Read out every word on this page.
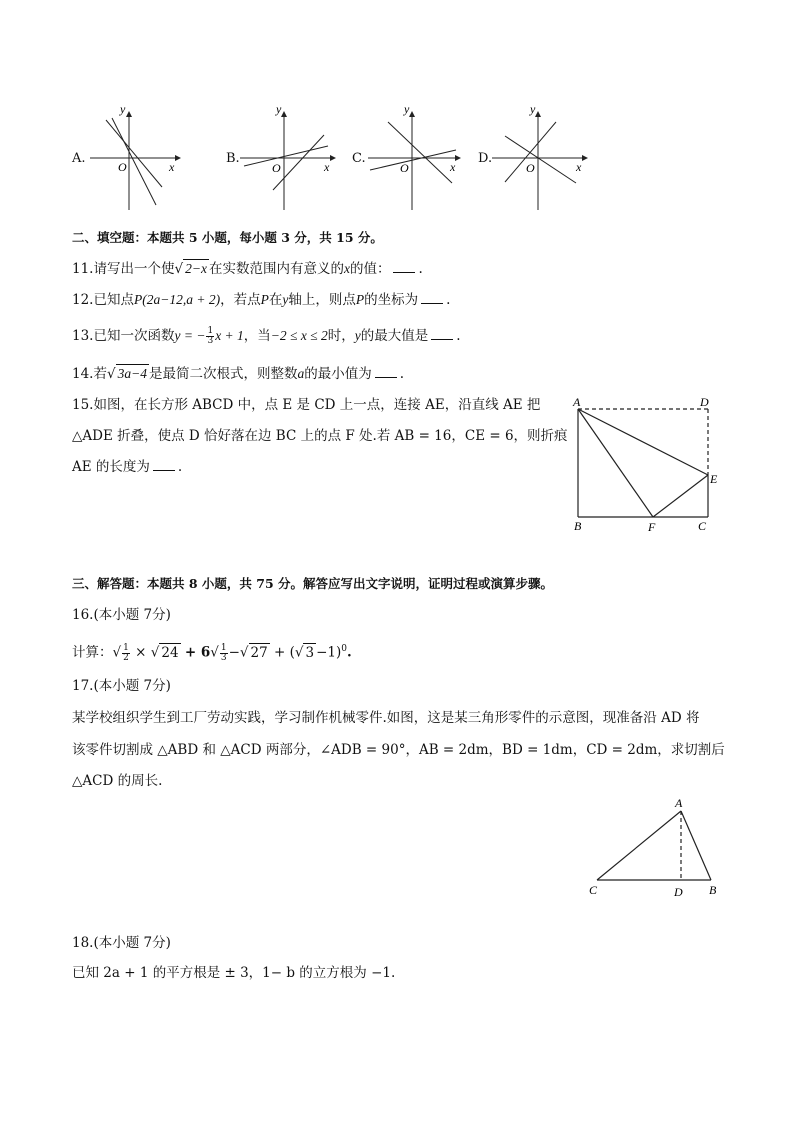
A.	B.	C.	D.
O	x
y
O	x
y
O	x
y
O	x
y
二、填空题：本题共 5 小题，每小题 3 分，共 15 分。
11.请写出一个使√ 2−x 在实数范围内有意义的x的值： .
12.已知点P(2a−12,a + 2)，若点P在y轴上，则点P的坐标为 .
13.已知一次函数y = − $\frac{1}{3}$ x + 1，当−2 ≤ x ≤ 2时，y的最大值是 .
14.若√ 3a−4 是最简二次根式，则整数a的最小值为 .
15.如图，在长方形 ABCD 中，点 E 是 CD 上一点，连接 AE，沿直线 AE 把
△ADE 折叠，使点 D 恰好落在边 BC 上的点 F 处.若 AB = 16，CE = 6，则折痕
AE 的长度为 .
A	D
E
B	F	C
三、解答题：本题共 8 小题，共 75 分。解答应写出文字说明，证明过程或演算步骤。
16.(本小题 7分)
计算：√ $\frac{1}{2}$ × √ $24 + 6√ \frac{1}{3}$ −√ 27 + (√ 3 −1)$^0$.
17.(本小题 7分)
某学校组织学生到工厂劳动实践，学习制作机械零件.如图，这是某三角形零件的示意图，现准备沿 AD 将
该零件切割成 △ABD 和 △ACD 两部分，∠ADB = 90°，AB = 2dm，BD = 1dm，CD = 2dm，求切割后
△ACD 的周长.
A
C	D B
18.(本小题 7分)
已知 2a + 1 的平方根是 ± 3，1− b 的立方根为 −1.
